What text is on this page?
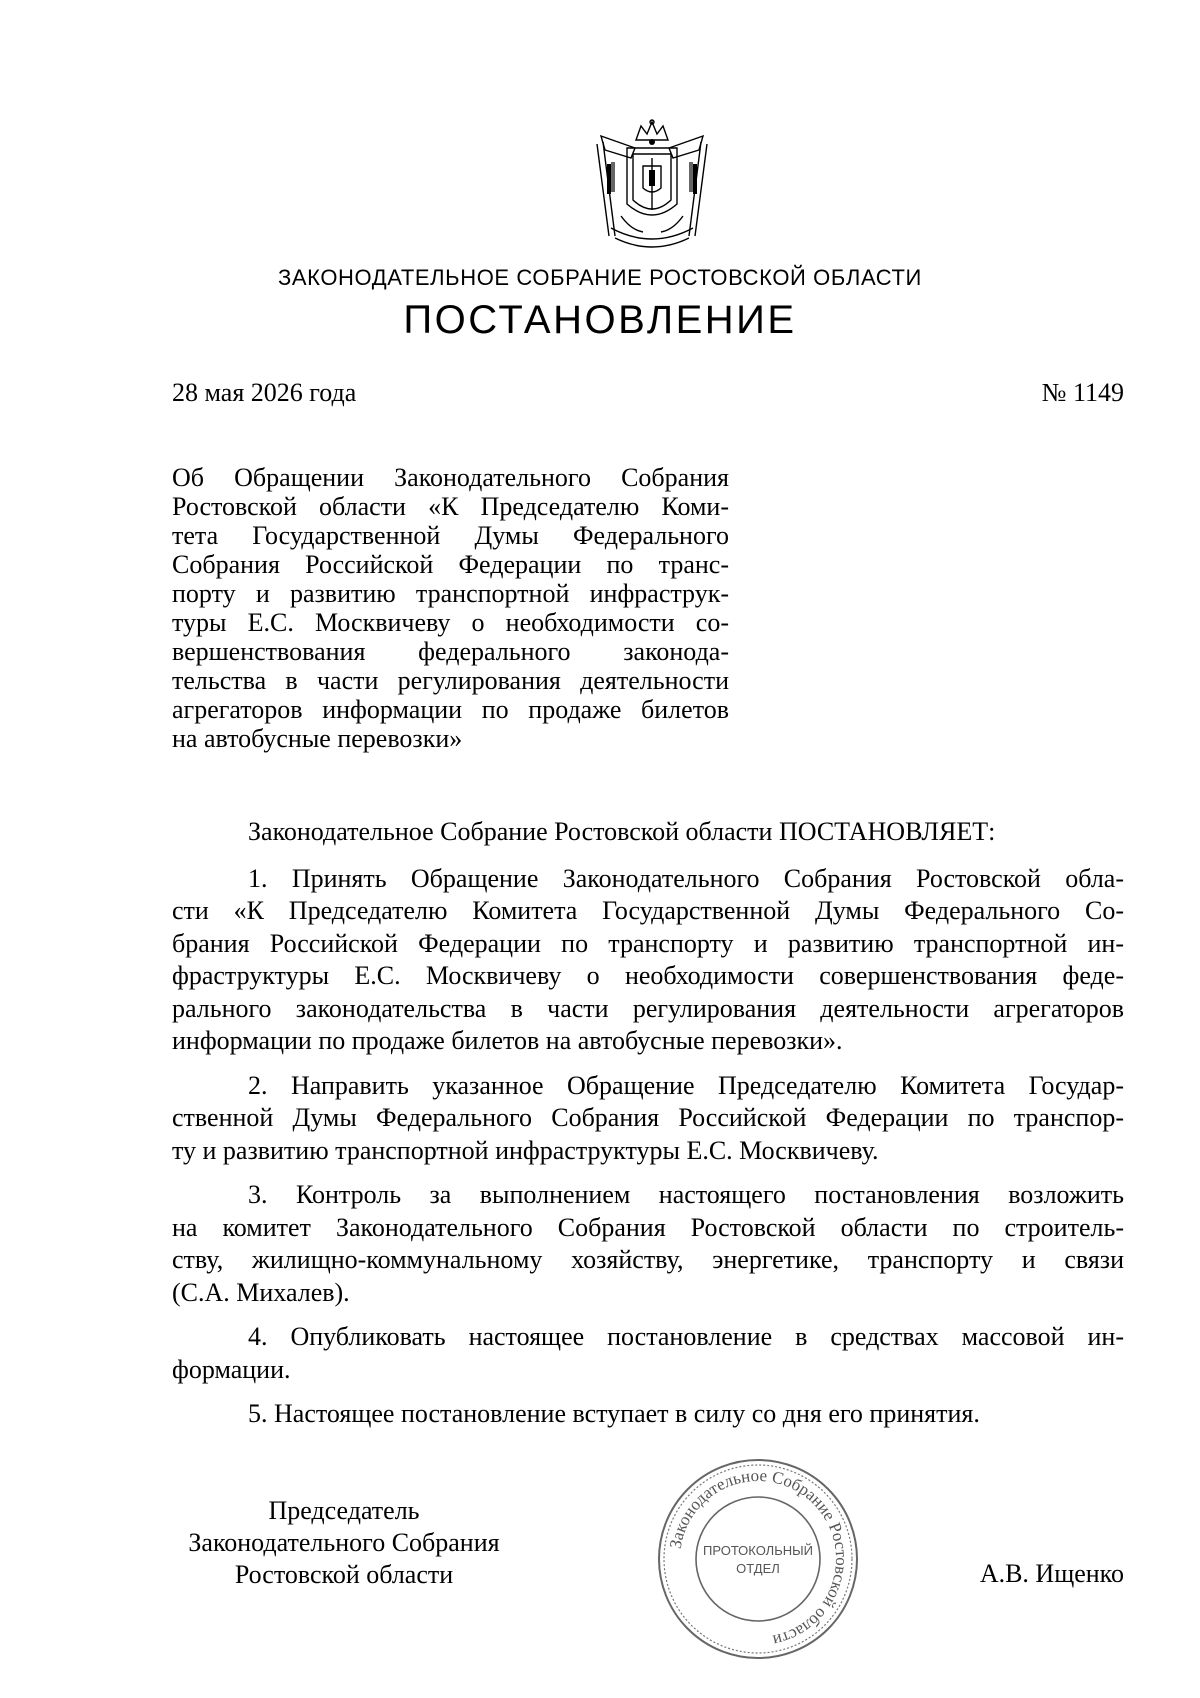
ЗАКОНОДАТЕЛЬНОЕ СОБРАНИЕ РОСТОВСКОЙ ОБЛАСТИ
ПОСТАНОВЛЕНИЕ
28 мая 2026 года	№ 1149
Об Обращении Законодательного Собрания
Ростовской области «К Председателю Коми-
тета Государственной Думы Федерального
Собрания Российской Федерации по транс-
порту и развитию транспортной инфраструк-
туры Е.С. Москвичеву о необходимости со-
вершенствования федерального законода-
тельства в части регулирования деятельности
агрегаторов информации по продаже билетов
на автобусные перевозки»

Законодательное Собрание Ростовской области ПОСТАНОВЛЯЕТ:

1. Принять Обращение Законодательного Собрания Ростовской обла-
сти «К Председателю Комитета Государственной Думы Федерального Со-
брания Российской Федерации по транспорту и развитию транспортной ин-
фраструктуры Е.С. Москвичеву о необходимости совершенствования феде-
рального законодательства в части регулирования деятельности агрегаторов
информации по продаже билетов на автобусные перевозки».
2. Направить указанное Обращение Председателю Комитета Государ-
ственной Думы Федерального Собрания Российской Федерации по транспор-
ту и развитию транспортной инфраструктуры Е.С. Москвичеву.
3. Контроль за выполнением настоящего постановления возложить
на комитет Законодательного Собрания Ростовской области по строитель-
ству, жилищно-коммунальному хозяйству, энергетике, транспорту и связи
(С.А. Михалев).
4. Опубликовать настоящее постановление в средствах массовой ин-
формации.
5. Настоящее постановление вступает в силу со дня его принятия.
Председатель
Законодательного Собрания
Ростовской области
Законодательное Собрание Ростовской области
ПРОТОКОЛЬНЫЙ
ОТДЕЛ	А.В. Ищенко
